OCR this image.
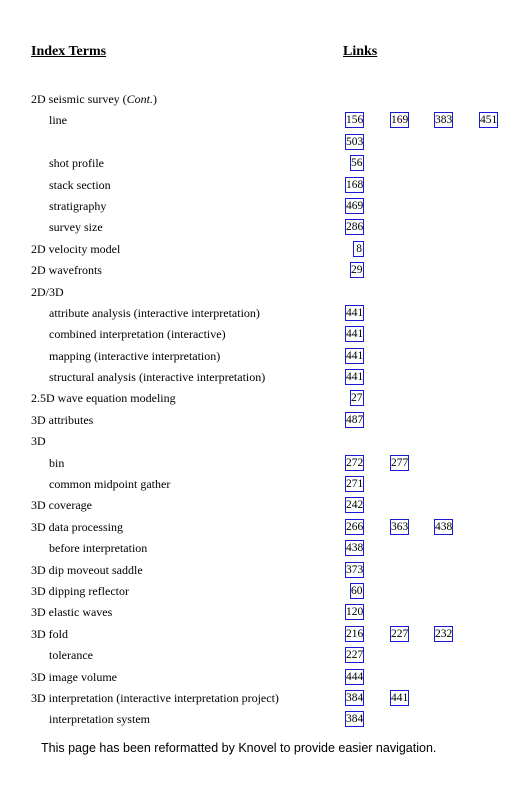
Index Terms	Links
2D seismic survey (Cont.)
line	156 169 383 451
503
shot profile	56
stack section	168
stratigraphy	469
survey size	286
2D velocity model	8
2D wavefronts	29
2D/3D
attribute analysis (interactive interpretation)	441
combined interpretation (interactive)	441
mapping (interactive interpretation)	441
structural analysis (interactive interpretation)	441
2.5D wave equation modeling	27
3D attributes	487
3D
bin	272 277
common midpoint gather	271
3D coverage	242
3D data processing	266 363 438
before interpretation	438
3D dip moveout saddle	373
3D dipping reflector	60
3D elastic waves	120
3D fold	216 227 232
tolerance	227
3D image volume	444
3D interpretation (interactive interpretation project)	384 441
interpretation system	384
This page has been reformatted by Knovel to provide easier navigation.
